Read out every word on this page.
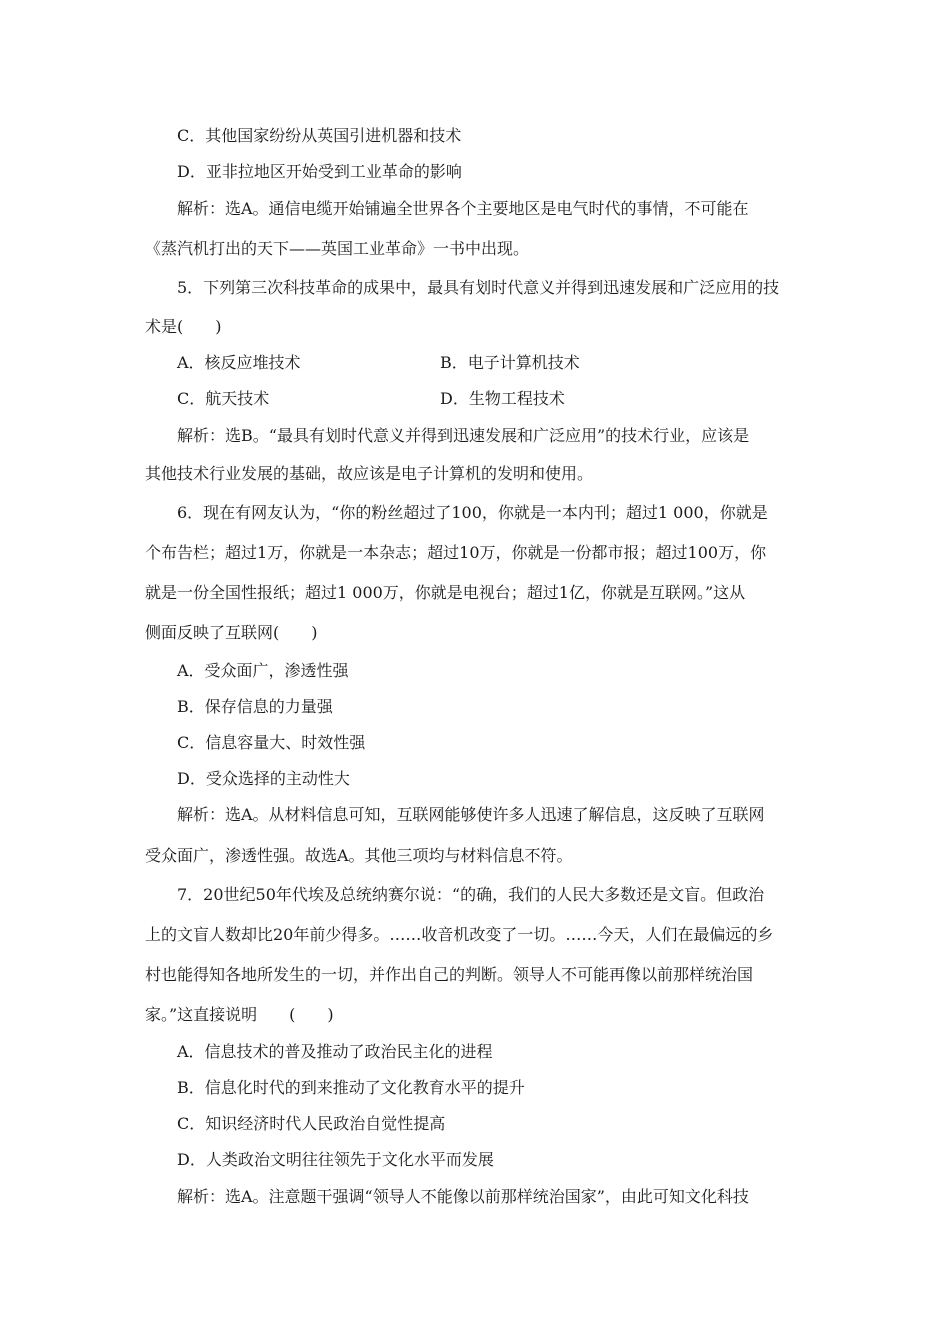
C．其他国家纷纷从英国引进机器和技术
D．亚非拉地区开始受到工业革命的影响
解析：选A。通信电缆开始铺遍全世界各个主要地区是电气时代的事情，不可能在
《蒸汽机打出的天下——英国工业革命》一书中出现。
5．下列第三次科技革命的成果中，最具有划时代意义并得到迅速发展和广泛应用的技
术是(　　)
A．核反应堆技术	B．电子计算机技术
C．航天技术	D．生物工程技术
解析：选B。“最具有划时代意义并得到迅速发展和广泛应用”的技术行业，应该是
其他技术行业发展的基础，故应该是电子计算机的发明和使用。
6．现在有网友认为，“你的粉丝超过了100，你就是一本内刊；超过1 000，你就是
个布告栏；超过1万，你就是一本杂志；超过10万，你就是一份都市报；超过100万，你
就是一份全国性报纸；超过1 000万，你就是电视台；超过1亿，你就是互联网。”这从
侧面反映了互联网(　　)
A．受众面广，渗透性强
B．保存信息的力量强
C．信息容量大、时效性强
D．受众选择的主动性大
解析：选A。从材料信息可知，互联网能够使许多人迅速了解信息，这反映了互联网
受众面广，渗透性强。故选A。其他三项均与材料信息不符。
7．20世纪50年代埃及总统纳赛尔说：“的确，我们的人民大多数还是文盲。但政治
上的文盲人数却比20年前少得多。……收音机改变了一切。……今天，人们在最偏远的乡
村也能得知各地所发生的一切，并作出自己的判断。领导人不可能再像以前那样统治国
家。”这直接说明　　(　　)
A．信息技术的普及推动了政治民主化的进程
B．信息化时代的到来推动了文化教育水平的提升
C．知识经济时代人民政治自觉性提高
D．人类政治文明往往领先于文化水平而发展
解析：选A。注意题干强调“领导人不能像以前那样统治国家”，由此可知文化科技
